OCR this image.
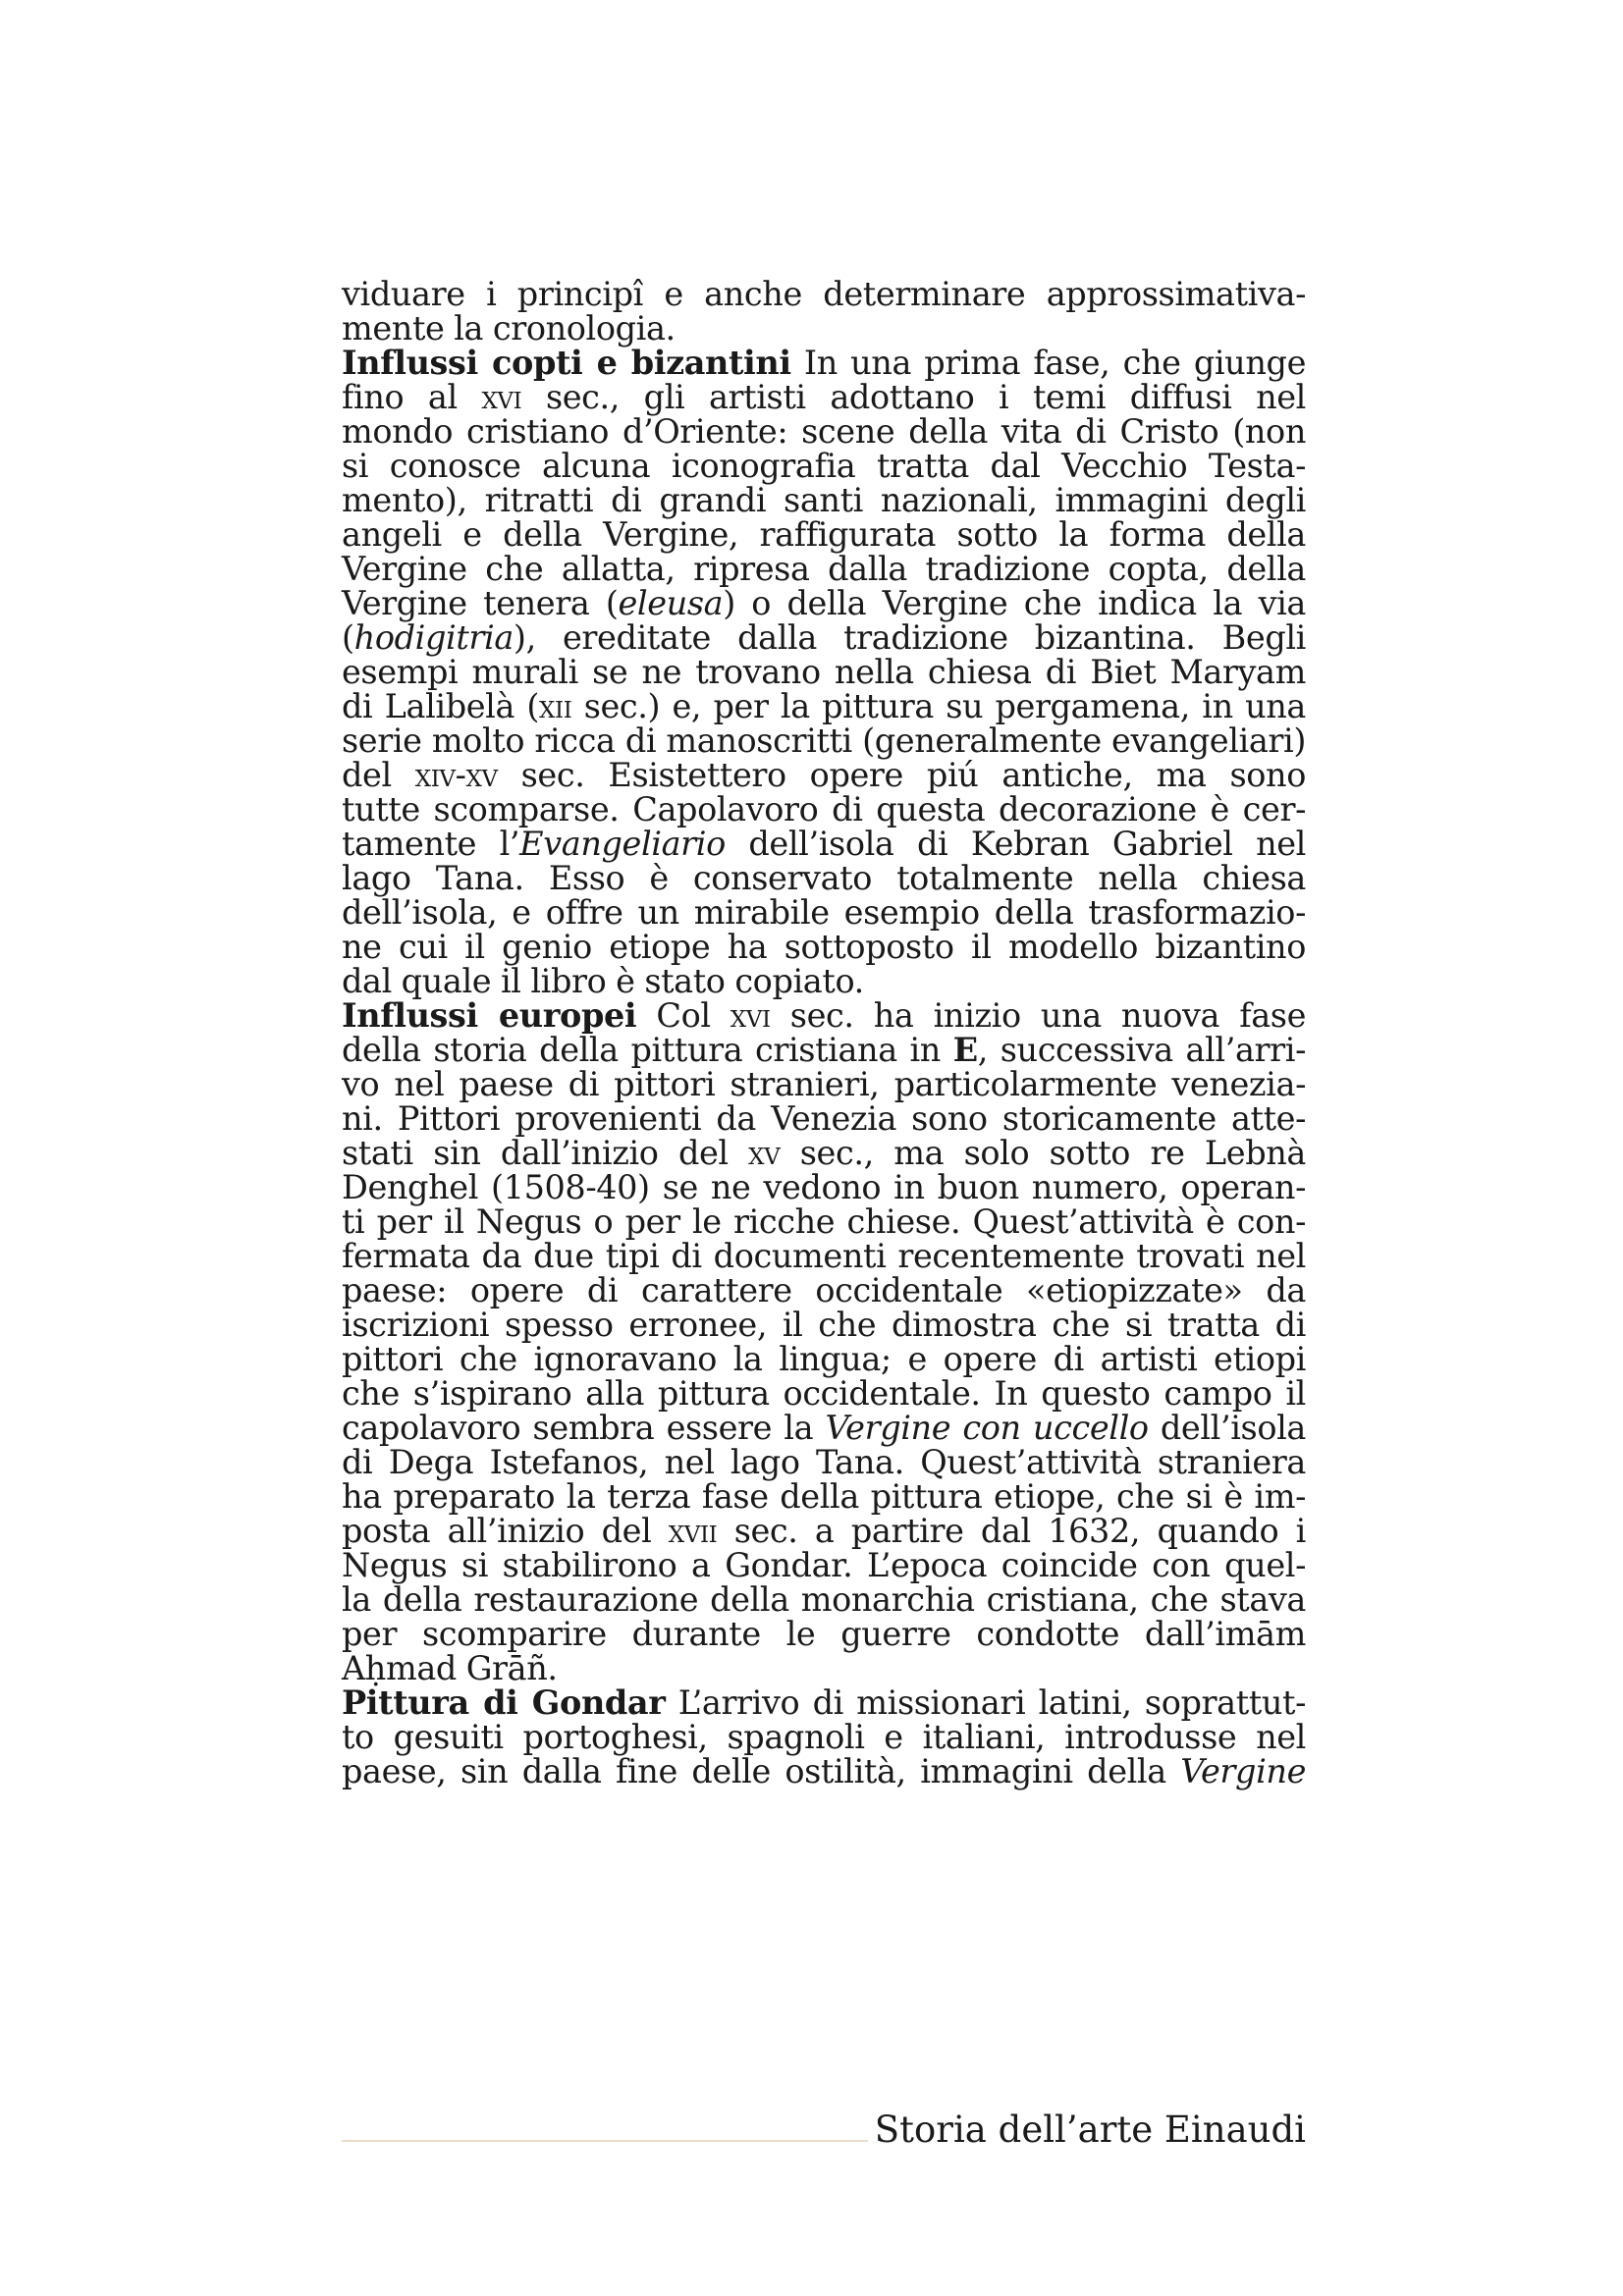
viduare i principî e anche determinare approssimativa-
mente la cronologia.
Influssi copti e bizantini In una prima fase, che giunge
fino al xvi sec., gli artisti adottano i temi diffusi nel
mondo cristiano d’Oriente: scene della vita di Cristo (non
si conosce alcuna iconografia tratta dal Vecchio Testa-
mento), ritratti di grandi santi nazionali, immagini degli
angeli e della Vergine, raffigurata sotto la forma della
Vergine che allatta, ripresa dalla tradizione copta, della
Vergine tenera (eleusa) o della Vergine che indica la via
(hodigitria), ereditate dalla tradizione bizantina. Begli
esempi murali se ne trovano nella chiesa di Biet Maryam
di Lalibelà (xii sec.) e, per la pittura su pergamena, in una
serie molto ricca di manoscritti (generalmente evangeliari)
del xiv-xv sec. Esistettero opere piú antiche, ma sono
tutte scomparse. Capolavoro di questa decorazione è cer-
tamente l’Evangeliario dell’isola di Kebran Gabriel nel
lago Tana. Esso è conservato totalmente nella chiesa
dell’isola, e offre un mirabile esempio della trasformazio-
ne cui il genio etiope ha sottoposto il modello bizantino
dal quale il libro è stato copiato.
Influssi europei Col xvi sec. ha inizio una nuova fase
della storia della pittura cristiana in E, successiva all’arri-
vo nel paese di pittori stranieri, particolarmente venezia-
ni. Pittori provenienti da Venezia sono storicamente atte-
stati sin dall’inizio del xv sec., ma solo sotto re Lebnà
Denghel (1508-40) se ne vedono in buon numero, operan-
ti per il Negus o per le ricche chiese. Quest’attività è con-
fermata da due tipi di documenti recentemente trovati nel
paese: opere di carattere occidentale «etiopizzate» da
iscrizioni spesso erronee, il che dimostra che si tratta di
pittori che ignoravano la lingua; e opere di artisti etiopi
che s’ispirano alla pittura occidentale. In questo campo il
capolavoro sembra essere la Vergine con uccello dell’isola
di Dega Istefanos, nel lago Tana. Quest’attività straniera
ha preparato la terza fase della pittura etiope, che si è im-
posta all’inizio del xvii sec. a partire dal 1632, quando i
Negus si stabilirono a Gondar. L’epoca coincide con quel-
la della restaurazione della monarchia cristiana, che stava
per scomparire durante le guerre condotte dall’imām
Aḥmad Grāñ.
Pittura di Gondar L’arrivo di missionari latini, soprattut-
to gesuiti portoghesi, spagnoli e italiani, introdusse nel
paese, sin dalla fine delle ostilità, immagini della Vergine
Storia dell’arte Einaudi
